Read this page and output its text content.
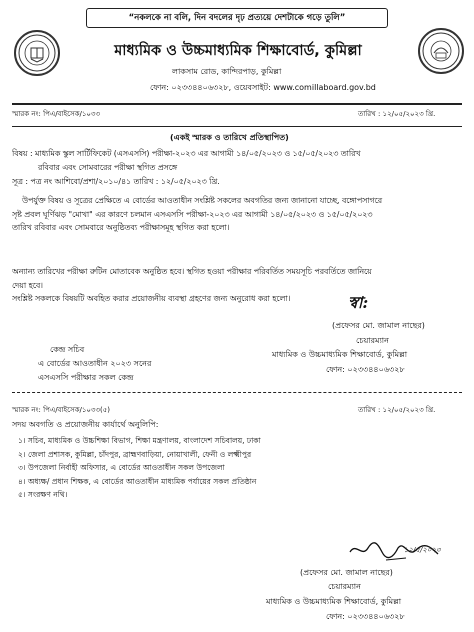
“নকলকে না বলি, দিন বদলের দৃঢ় প্রত্যয়ে দেশটাকে গড়ে তুলি”
মাধ্যমিক ও উচ্চমাধ্যমিক শিক্ষাবোর্ড, কুমিল্লা
লাকসাম রোড, কান্দিরপাড়, কুমিল্লা
ফোন: ০২৩৩৪৪০৬৩২৮, ওয়েবসাইট: www.comillaboard.gov.bd
স্মারক নং: পিএ/বাইসেক/১০৩৩	তারিখ : ১২/০৫/২০২৩ খ্রি.
(একই স্মারক ও তারিখে প্রতিস্থাপিত)
বিষয় : মাধ্যমিক স্কুল সার্টিফিকেট (এসএসসি) পরীক্ষা-২০২৩ এর আগামী ১৪/০৫/২০২৩ ও ১৫/০৫/২০২৩ তারিখ
রবিবার এবং সোমবারের পরীক্ষা স্থগিত প্রসঙ্গে
সূত্র : পত্র নং আশিবো/প্রশা/২০১০/৪১ তারিখ : ১২/০৫/২০২৩ খ্রি.
উপর্যুক্ত বিষয় ও সূত্রের প্রেক্ষিতে এ বোর্ডের আওতাধীন সংশ্লিষ্ট সকলের অবগতির জন্য জানানো যাচ্ছে, বঙ্গোপসাগরে
সৃষ্ট প্রবল ঘূর্ণিঝড় "মোখা" এর কারণে চলমান এসএসসি পরীক্ষা-২০২৩ এর আগামী ১৪/০৫/২০২৩ ও ১৫/০৫/২০২৩
তারিখ রবিবার এবং সোমবারে অনুষ্ঠিতব্য পরীক্ষাসমূহ স্থগিত করা হলো।
অন্যান্য তারিখের পরীক্ষা রুটিন মোতাবেক অনুষ্ঠিত হবে। স্থগিত হওয়া পরীক্ষার পরিবর্তিত সময়সূচি পরবর্তিতে জানিয়ে
দেয়া হবে।
সংশ্লিষ্ট সকলকে বিষয়টি অবহিত করার প্রয়োজনীয় ব্যবস্থা গ্রহণের জন্য অনুরোধ করা হলো।	স্বা:
(প্রফেসর মো. জামাল নাছের)
চেয়ারম্যান
মাধ্যমিক ও উচ্চমাধ্যমিক শিক্ষাবোর্ড, কুমিল্লা
ফোন: ০২৩৩৪৪০৬৩২৮
কেন্দ্র সচিব
এ বোর্ডের আওতাধীন ২০২৩ সনের
এসএসসি পরীক্ষার সকল কেন্দ্র
স্মারক নং: পিএ/বাইসেক/১০৩৩(৫)	তারিখ : ১২/০৫/২০২৩ খ্রি.
সদয় অবগতি ও প্রয়োজনীয় কার্যার্থে অনুলিপি:
১। সচিব, মাধ্যমিক ও উচ্চশিক্ষা বিভাগ, শিক্ষা মন্ত্রণালয়, বাংলাদেশ সচিবালয়, ঢাকা
২। জেলা প্রশাসক, কুমিল্লা, চাঁদপুর, ব্রাহ্মণবাড়িয়া, নোয়াখালী, ফেনী ও লক্ষ্মীপুর
৩। উপজেলা নির্বাহী অফিসার, এ বোর্ডের আওতাধীন সকল উপজেলা
৪। অধ্যক্ষ/ প্রধান শিক্ষক, এ বোর্ডের আওতাধীন মাধ্যমিক পর্যায়ের সকল প্রতিষ্ঠান
৫। সংরক্ষণ নথি।
১২/৫/২০২৩
(প্রফেসর মো. জামাল নাছের)
চেয়ারম্যান
মাধ্যমিক ও উচ্চমাধ্যমিক শিক্ষাবোর্ড, কুমিল্লা
ফোন: ০২৩৩৪৪০৬৩২৮
